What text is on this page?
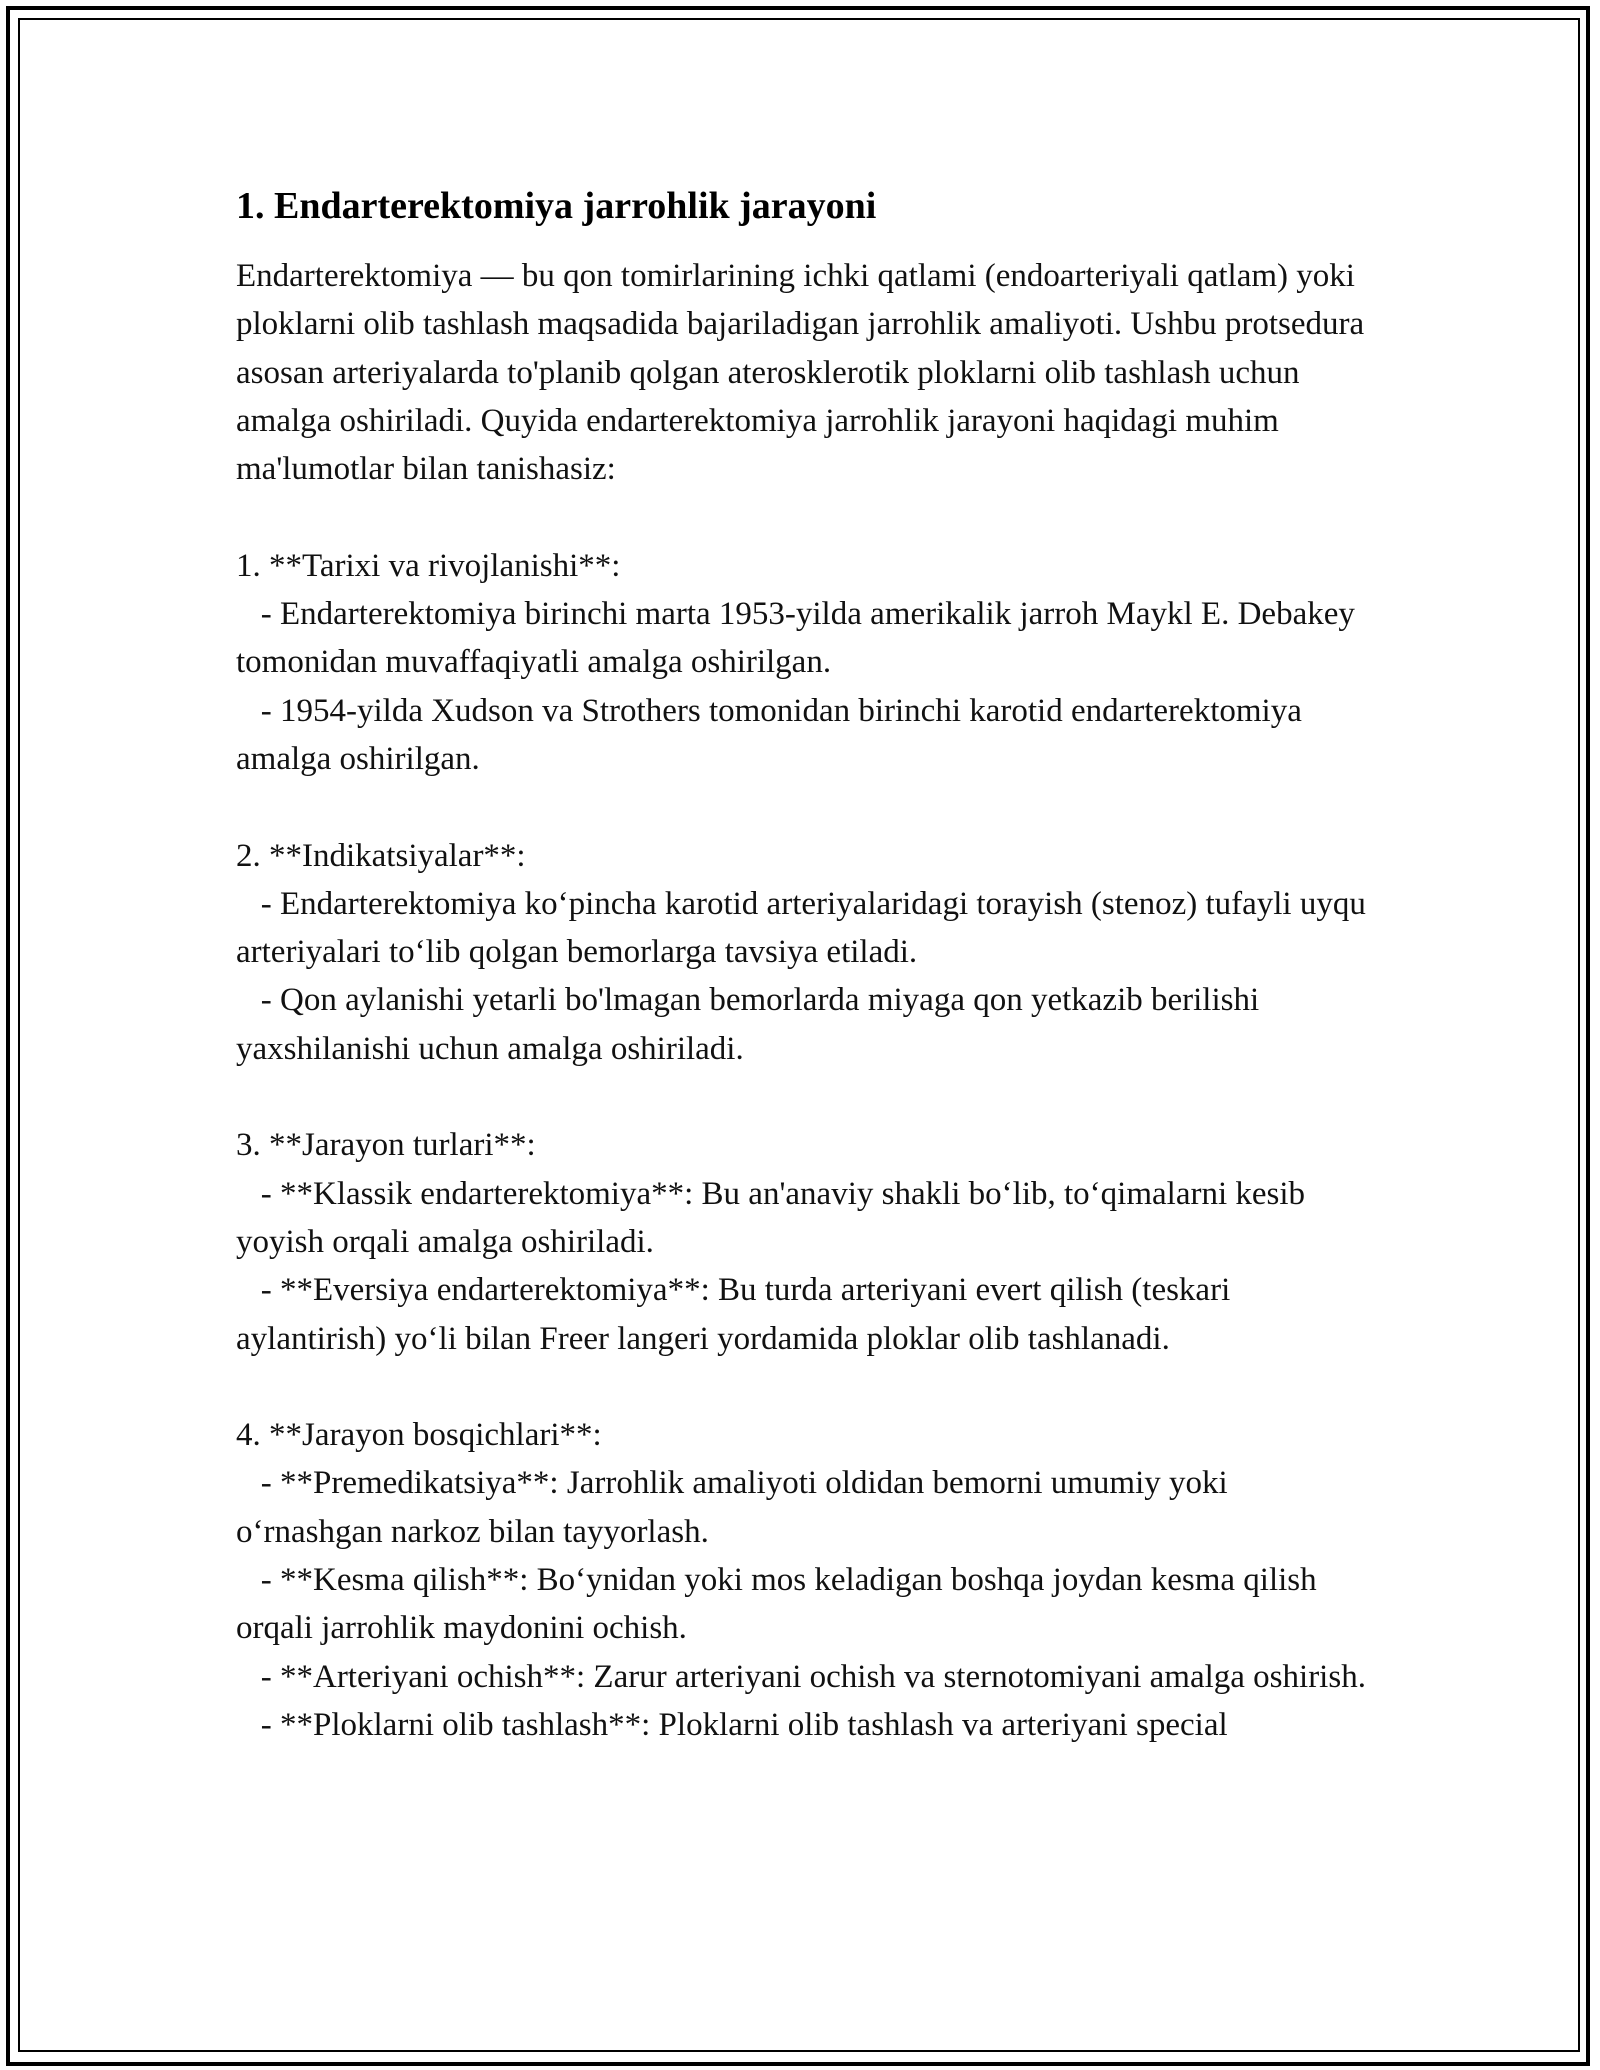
1. Endarterektomiya jarrohlik jarayoni

Endarterektomiya — bu qon tomirlarining ichki qatlami (endoarteriyali qatlam) yoki ploklarni olib tashlash maqsadida bajariladigan jarrohlik amaliyoti. Ushbu protsedura asosan arteriyalarda to'planib qolgan aterosklerotik ploklarni olib tashlash uchun amalga oshiriladi. Quyida endarterektomiya jarrohlik jarayoni haqidagi muhim ma'lumotlar bilan tanishasiz:

1. **Tarixi va rivojlanishi**:

- Endarterektomiya birinchi marta 1953-yilda amerikalik jarroh Maykl E. Debakey tomonidan muvaffaqiyatli amalga oshirilgan.

- 1954-yilda Xudson va Strothers tomonidan birinchi karotid endarterektomiya amalga oshirilgan.

2. **Indikatsiyalar**:

- Endarterektomiya ko‘pincha karotid arteriyalaridagi torayish (stenoz) tufayli uyqu arteriyalari to‘lib qolgan bemorlarga tavsiya etiladi.

- Qon aylanishi yetarli bo'lmagan bemorlarda miyaga qon yetkazib berilishi yaxshilanishi uchun amalga oshiriladi.

3. **Jarayon turlari**:

- **Klassik endarterektomiya**: Bu an'anaviy shakli bo‘lib, to‘qimalarni kesib yoyish orqali amalga oshiriladi.

- **Eversiya endarterektomiya**: Bu turda arteriyani evert qilish (teskari aylantirish) yo‘li bilan Freer langeri yordamida ploklar olib tashlanadi.

4. **Jarayon bosqichlari**:

- **Premedikatsiya**: Jarrohlik amaliyoti oldidan bemorni umumiy yoki o‘rnashgan narkoz bilan tayyorlash.

- **Kesma qilish**: Bo‘ynidan yoki mos keladigan boshqa joydan kesma qilish orqali jarrohlik maydonini ochish.

- **Arteriyani ochish**: Zarur arteriyani ochish va sternotomiyani amalga oshirish.

- **Ploklarni olib tashlash**: Ploklarni olib tashlash va arteriyani special
